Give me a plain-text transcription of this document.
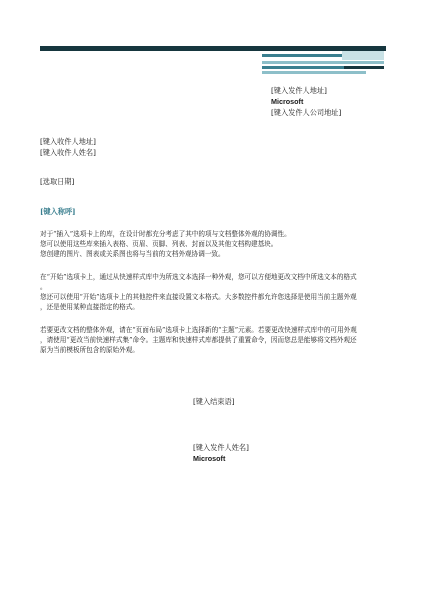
[键入发件人地址]
Microsoft
[键入发件人公司地址]
[键入收件人地址]
[键入收件人姓名]
[选取日期]
[键入称呼]
对于“插入”选项卡上的库，在设计时都充分考虑了其中的项与文档整体外观的协调性。
您可以使用这些库来插入表格、页眉、页脚、列表、封面以及其他文档构建基块。
您创建的图片、图表或关系图也将与当前的文档外观协调一致。
在“开始”选项卡上，通过从快速样式库中为所选文本选择一种外观，您可以方便地更改文档中所选文本的格式
。
您还可以使用“开始”选项卡上的其他控件来直接设置文本格式。大多数控件都允许您选择是使用当前主题外观
，还是使用某种直接指定的格式。
若要更改文档的整体外观，请在“页面布局”选项卡上选择新的“主题”元素。若要更改快速样式库中的可用外观
，请使用“更改当前快速样式集”命令。主题库和快速样式库都提供了重置命令，因而您总是能够将文档外观还
原为当前模板所包含的原始外观。
[键入结束语]
[键入发件人姓名]
Microsoft
